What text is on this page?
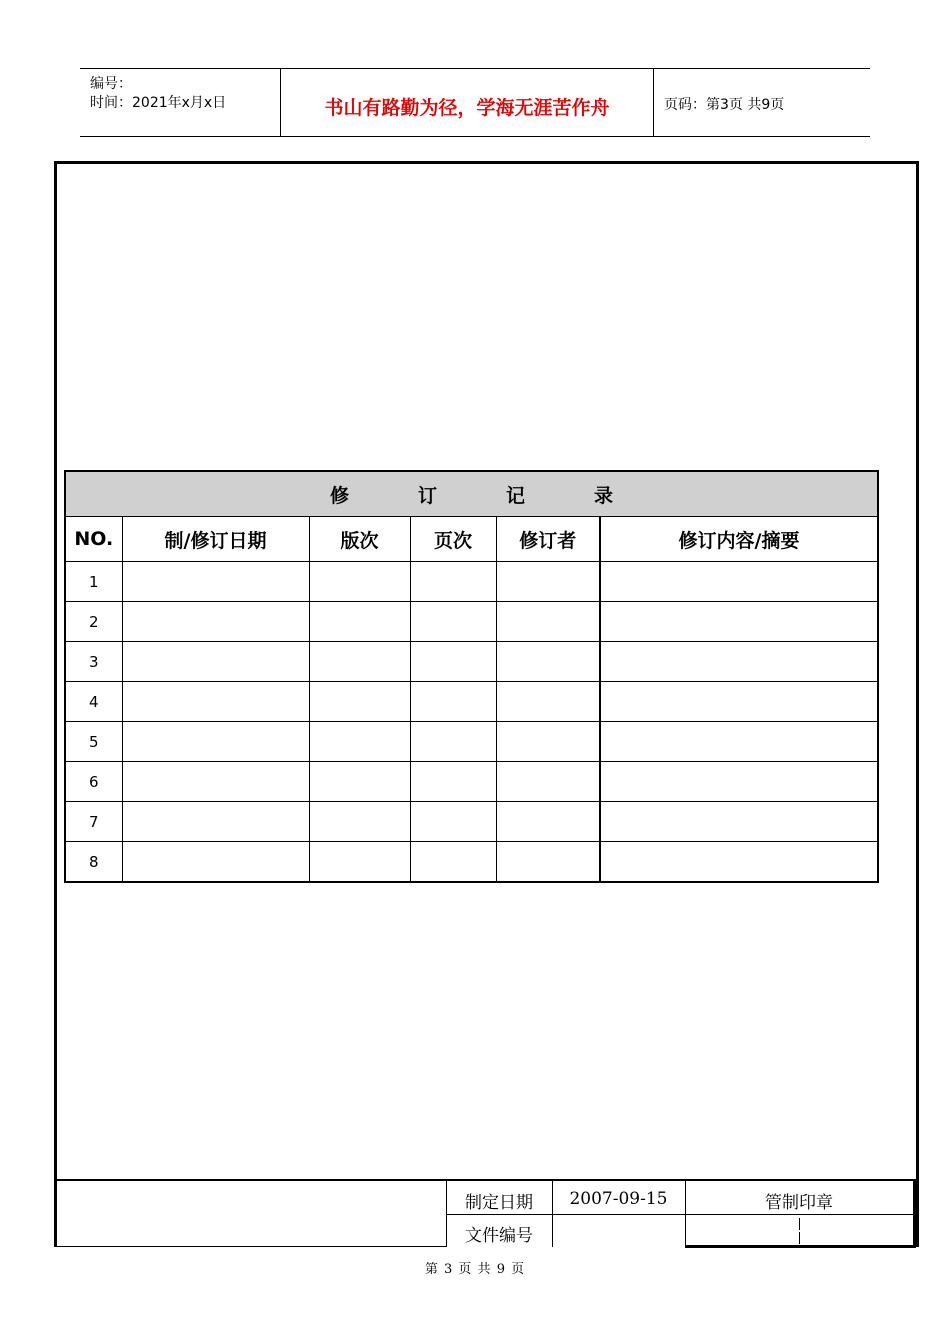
编号：
时间：2021年x月x日	书山有路勤为径，学海无涯苦作舟	页码：第3页 共9页
修 订 记 录					
NO.	制/修订日期	版次	页次	修订者	修订内容/摘要
1					
2					
3					
4					
5					
6					
7					
8					
制定日期	2007-09-15	管制印章
文件编号
第 3 页 共 9 页
